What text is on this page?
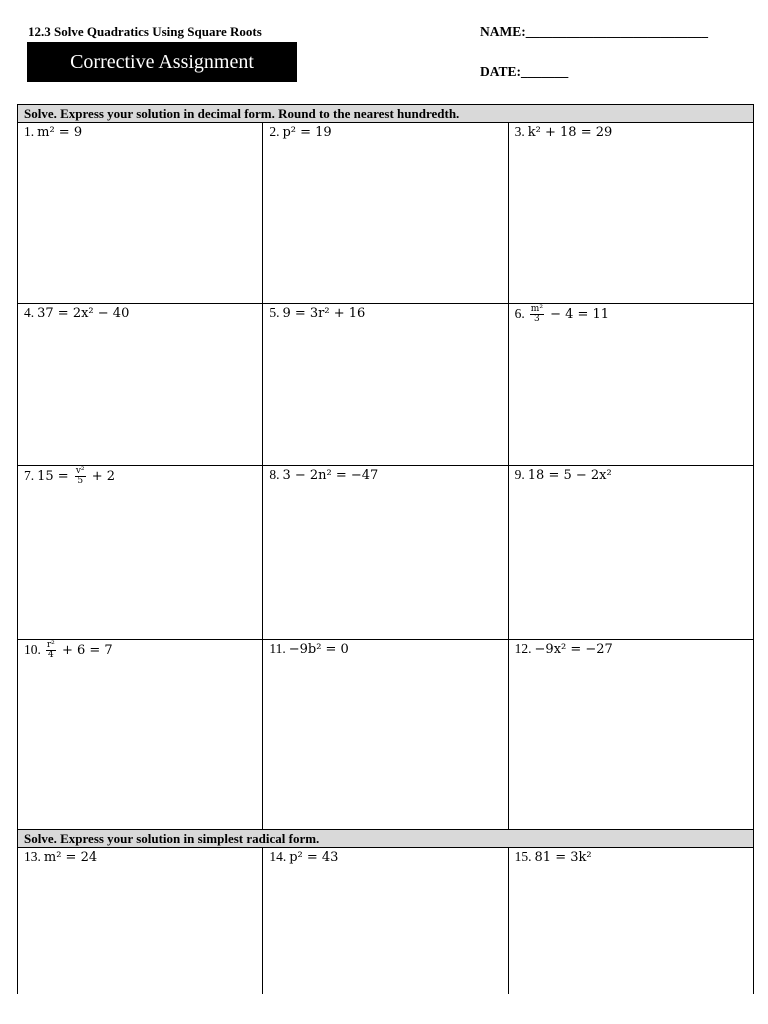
12.3 Solve Quadratics Using Square Roots
Corrective Assignment
NAME:___________________________
DATE:_______
Solve. Express your solution in decimal form. Round to the nearest hundredth.
1. m² = 9	2. p² = 19	3. k² + 18 = 29
4. 37 = 2x² − 40	5. 9 = 3r² + 16	6. $\frac{\text{m²}}{3} - 4 = 11$
7. $15 = \frac{\text{v²}}{5} + 2$	8. 3 − 2n² = −47	9. 18 = 5 − 2x²
10. $\frac{\text{r²}}{4} + 6 = 7$	11. −9b² = 0	12. −9x² = −27
Solve. Express your solution in simplest radical form.
13. m² = 24	14. p² = 43	15. 81 = 3k²
